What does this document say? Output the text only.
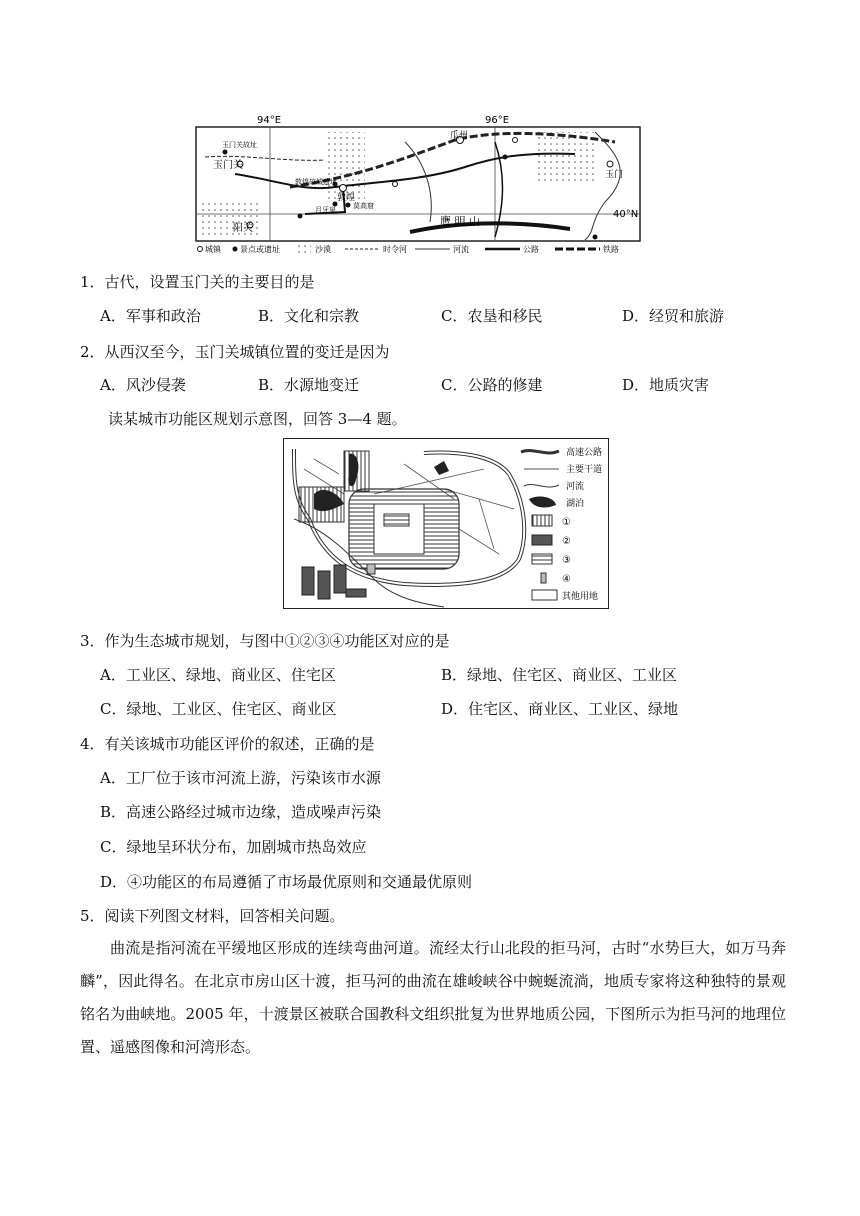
94°E	96°E
40°N
鹰 明 山
玉门关
玉门关故址
敦煌故城遗址
敦煌
月牙泉 莫高窟
阳关
瓜州
玉门
城镇 景点或遗址	沙漠	时令河	河流	公路	铁路
1．古代，设置玉门关的主要目的是
A．军事和政治	B．文化和宗教	C．农垦和移民	D．经贸和旅游
2．从西汉至今，玉门关城镇位置的变迁是因为
A．风沙侵袭	B．水源地变迁	C．公路的修建	D．地质灾害
读某城市功能区规划示意图，回答 3—4 题。
高速公路
主要干道
河流
湖泊
①
②
③
④
其他用地
3．作为生态城市规划，与图中①②③④功能区对应的是
A．工业区、绿地、商业区、住宅区	B．绿地、住宅区、商业区、工业区
C．绿地、工业区、住宅区、商业区	D．住宅区、商业区、工业区、绿地
4．有关该城市功能区评价的叙述，正确的是
A．工厂位于该市河流上游，污染该市水源
B．高速公路经过城市边缘，造成噪声污染
C．绿地呈环状分布，加剧城市热岛效应
D．④功能区的布局遵循了市场最优原则和交通最优原则
5．阅读下列图文材料，回答相关问题。
曲流是指河流在平缓地区形成的连续弯曲河道。流经太行山北段的拒马河，古时“水势巨大，如万马奔麟”，因此得名。在北京市房山区十渡，拒马河的曲流在雄峻峡谷中蜿蜒流淌，地质专家将这种独特的景观铭名为曲峡地。2005 年，十渡景区被联合国教科文组织批复为世界地质公园，下图所示为拒马河的地理位置、遥感图像和河湾形态。
